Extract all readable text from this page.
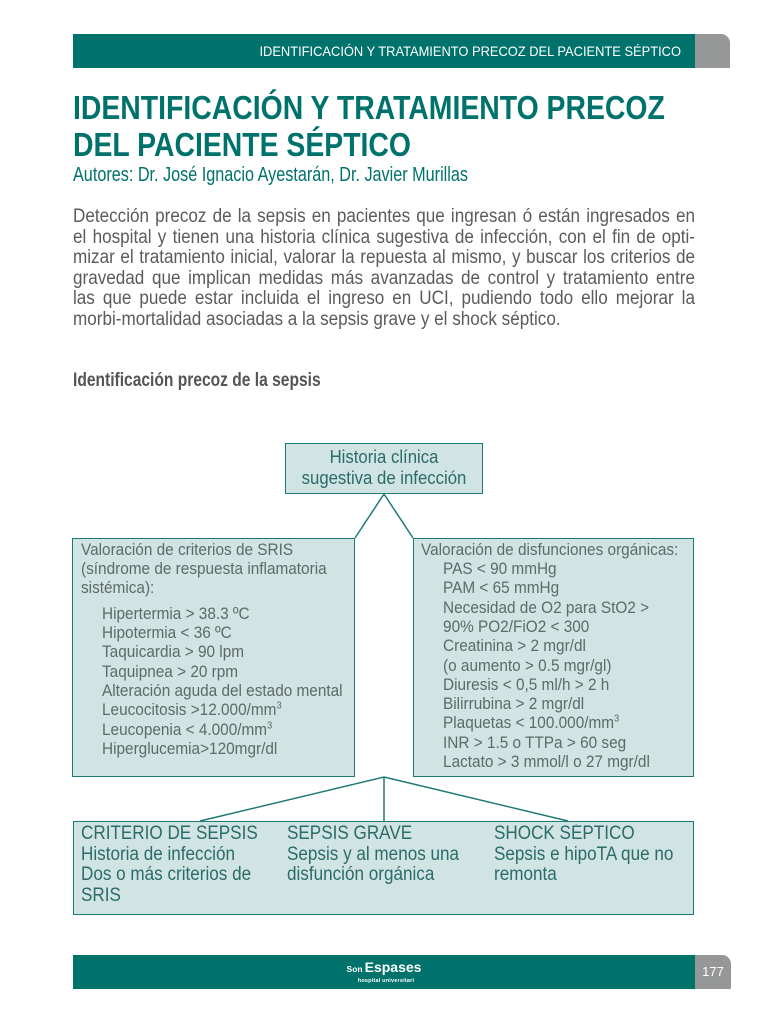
IDENTIFICACIÓN Y TRATAMIENTO PRECOZ DEL PACIENTE SÉPTICO
IDENTIFICACIÓN Y TRATAMIENTO PRECOZ
DEL PACIENTE SÉPTICO
Autores: Dr. José Ignacio Ayestarán, Dr. Javier Murillas
Detección precoz de la sepsis en pacientes que ingresan ó están ingresados en
el hospital y tienen una historia clínica sugestiva de infección, con el fin de opti-
mizar el tratamiento inicial, valorar la repuesta al mismo, y buscar los criterios de
gravedad que implican medidas más avanzadas de control y tratamiento entre
las que puede estar incluida el ingreso en UCI, pudiendo todo ello mejorar la
morbi-mortalidad asociadas a la sepsis grave y el shock séptico.
Identificación precoz de la sepsis
Historia clínica
sugestiva de infección
Valoración de criterios de SRIS
(síndrome de respuesta inflamatoria
sistémica):
Hipertermia > 38.3 ºC
Hipotermia < 36 ºC
Taquicardia > 90 lpm
Taquipnea > 20 rpm
Alteración aguda del estado mental
Leucocitosis $>12.000/mm^3$
Leucopenia < $4.000/mm^3$
Hiperglucemia>120mgr/dl
Valoración de disfunciones orgánicas:
PAS < 90 mmHg
PAM < 65 mmHg
Necesidad de O2 para StO2 >
90% PO2/FiO2 < 300
Creatinina > 2 mgr/dl
(o aumento > 0.5 mgr/gl)
Diuresis < 0,5 ml/h > 2 h
Bilirrubina > 2 mgr/dl
Plaquetas < $100.000/mm^3$
INR > 1.5 o TTPa > 60 seg
Lactato > 3 mmol/l o 27 mgr/dl
CRITERIO DE SEPSIS
Historia de infección
Dos o más criterios de
SRIS
SEPSIS GRAVE
Sepsis y al menos una
disfunción orgánica
SHOCK SÉPTICO
Sepsis e hipoTA que no
remonta
Son Espases
hospital universitari
177
